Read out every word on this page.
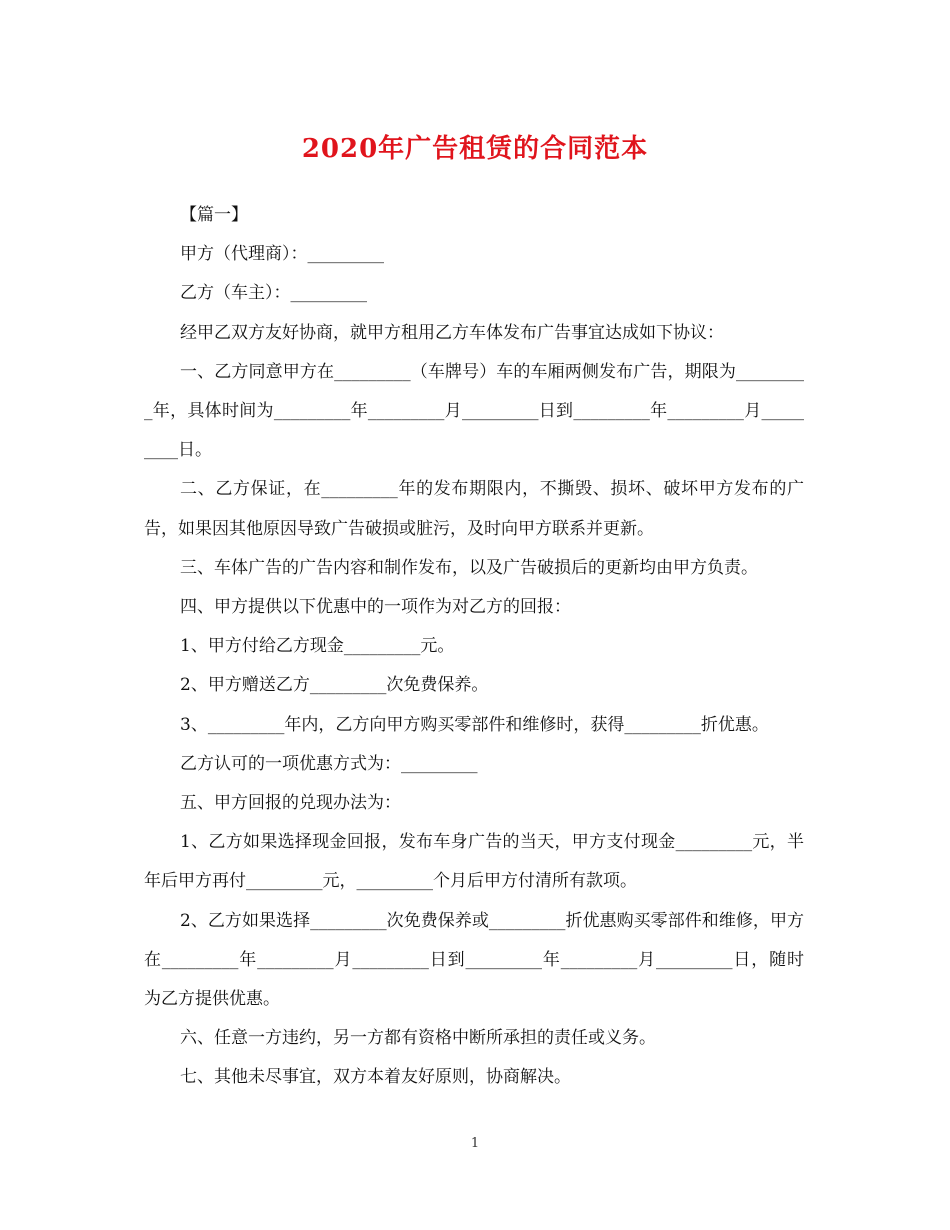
2020年广告租赁的合同范本

【篇一】

甲方（代理商）：_________

乙方（车主）：_________

经甲乙双方友好协商，就甲方租用乙方车体发布广告事宜达成如下协议：

一、乙方同意甲方在_________（车牌号）车的车厢两侧发布广告，期限为_________年，具体时间为_________年_________月_________日到_________年_________月_________日。

二、乙方保证，在_________年的发布期限内，不撕毁、损坏、破坏甲方发布的广告，如果因其他原因导致广告破损或脏污，及时向甲方联系并更新。

三、车体广告的广告内容和制作发布，以及广告破损后的更新均由甲方负责。

四、甲方提供以下优惠中的一项作为对乙方的回报：

1、甲方付给乙方现金_________元。

2、甲方赠送乙方_________次免费保养。

3、_________年内，乙方向甲方购买零部件和维修时，获得_________折优惠。

乙方认可的一项优惠方式为：_________

五、甲方回报的兑现办法为：

1、乙方如果选择现金回报，发布车身广告的当天，甲方支付现金_________元，半年后甲方再付_________元，_________个月后甲方付清所有款项。

2、乙方如果选择_________次免费保养或_________折优惠购买零部件和维修，甲方在_________年_________月_________日到_________年_________月_________日，随时为乙方提供优惠。

六、任意一方违约，另一方都有资格中断所承担的责任或义务。

七、其他未尽事宜，双方本着友好原则，协商解决。

1
